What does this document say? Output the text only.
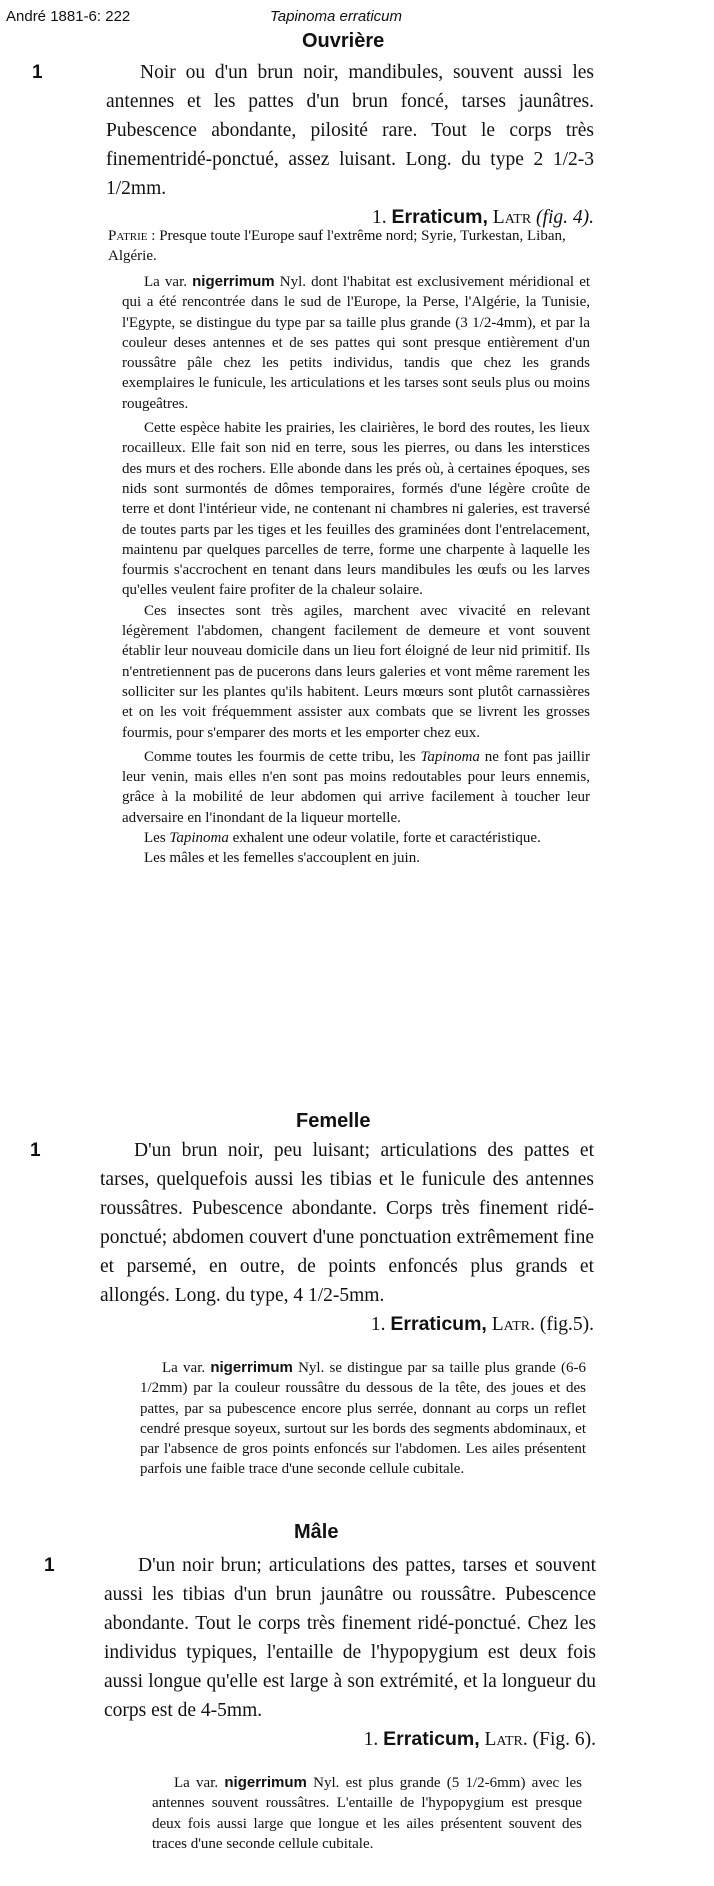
André 1881-6: 222	Tapinoma erraticum
Ouvrière
1	Noir ou d'un brun noir, mandibules, souvent aussi les antennes et les pattes d'un brun foncé, tarses jaunâtres. Pubescence abondante, pilosité rare. Tout le corps très finementridé-ponctué, assez luisant. Long. du type 2 1/2-3 1/2mm.

1. Erraticum, Latr (fig. 4).
Patrie : Presque toute l'Europe sauf l'extrême nord; Syrie, Turkestan, Liban, Algérie.

La var. nigerrimum Nyl. dont l'habitat est exclusivement méridional et qui a été rencontrée dans le sud de l'Europe, la Perse, l'Algérie, la Tunisie, l'Egypte, se distingue du type par sa taille plus grande (3 1/2-4mm), et par la couleur deses antennes et de ses pattes qui sont presque entièrement d'un roussâtre pâle chez les petits individus, tandis que chez les grands exemplaires le funicule, les articulations et les tarses sont seuls plus ou moins rougeâtres.

Cette espèce habite les prairies, les clairières, le bord des routes, les lieux rocailleux. Elle fait son nid en terre, sous les pierres, ou dans les interstices des murs et des rochers. Elle abonde dans les prés où, à certaines époques, ses nids sont surmontés de dômes temporaires, formés d'une légère croûte de terre et dont l'intérieur vide, ne contenant ni chambres ni galeries, est traversé de toutes parts par les tiges et les feuilles des graminées dont l'entrelacement, maintenu par quelques parcelles de terre, forme une charpente à laquelle les fourmis s'accrochent en tenant dans leurs mandibules les œufs ou les larves qu'elles veulent faire profiter de la chaleur solaire.

Ces insectes sont très agiles, marchent avec vivacité en relevant légèrement l'abdomen, changent facilement de demeure et vont souvent établir leur nouveau domicile dans un lieu fort éloigné de leur nid primitif. Ils n'entretiennent pas de pucerons dans leurs galeries et vont même rarement les solliciter sur les plantes qu'ils habitent. Leurs mœurs sont plutôt carnassières et on les voit fréquemment assister aux combats que se livrent les grosses fourmis, pour s'emparer des morts et les emporter chez eux.

Comme toutes les fourmis de cette tribu, les Tapinoma ne font pas jaillir leur venin, mais elles n'en sont pas moins redoutables pour leurs ennemis, grâce à la mobilité de leur abdomen qui arrive facilement à toucher leur adversaire en l'inondant de la liqueur mortelle.

Les Tapinoma exhalent une odeur volatile, forte et caractéristique.

Les mâles et les femelles s'accouplent en juin.

Femelle
1	D'un brun noir, peu luisant; articulations des pattes et tarses, quelquefois aussi les tibias et le funicule des antennes roussâtres. Pubescence abondante. Corps très finement ridé-ponctué; abdomen couvert d'une ponctuation extrêmement fine et parsemé, en outre, de points enfoncés plus grands et allongés. Long. du type, 4 1/2-5mm.

1. Erraticum, Latr. (fig.5).

La var. nigerrimum Nyl. se distingue par sa taille plus grande (6-6 1/2mm) par la couleur roussâtre du dessous de la tête, des joues et des pattes, par sa pubescence encore plus serrée, donnant au corps un reflet cendré presque soyeux, surtout sur les bords des segments abdominaux, et par l'absence de gros points enfoncés sur l'abdomen. Les ailes présentent parfois une faible trace d'une seconde cellule cubitale.

Mâle
1	D'un noir brun; articulations des pattes, tarses et souvent aussi les tibias d'un brun jaunâtre ou roussâtre. Pubescence abondante. Tout le corps très finement ridé-ponctué. Chez les individus typiques, l'entaille de l'hypopygium est deux fois aussi longue qu'elle est large à son extrémité, et la longueur du corps est de 4-5mm.

1. Erraticum, Latr. (Fig. 6).

La var. nigerrimum Nyl. est plus grande (5 1/2-6mm) avec les antennes souvent roussâtres. L'entaille de l'hypopygium est presque deux fois aussi large que longue et les ailes présentent souvent des traces d'une seconde cellule cubitale.
